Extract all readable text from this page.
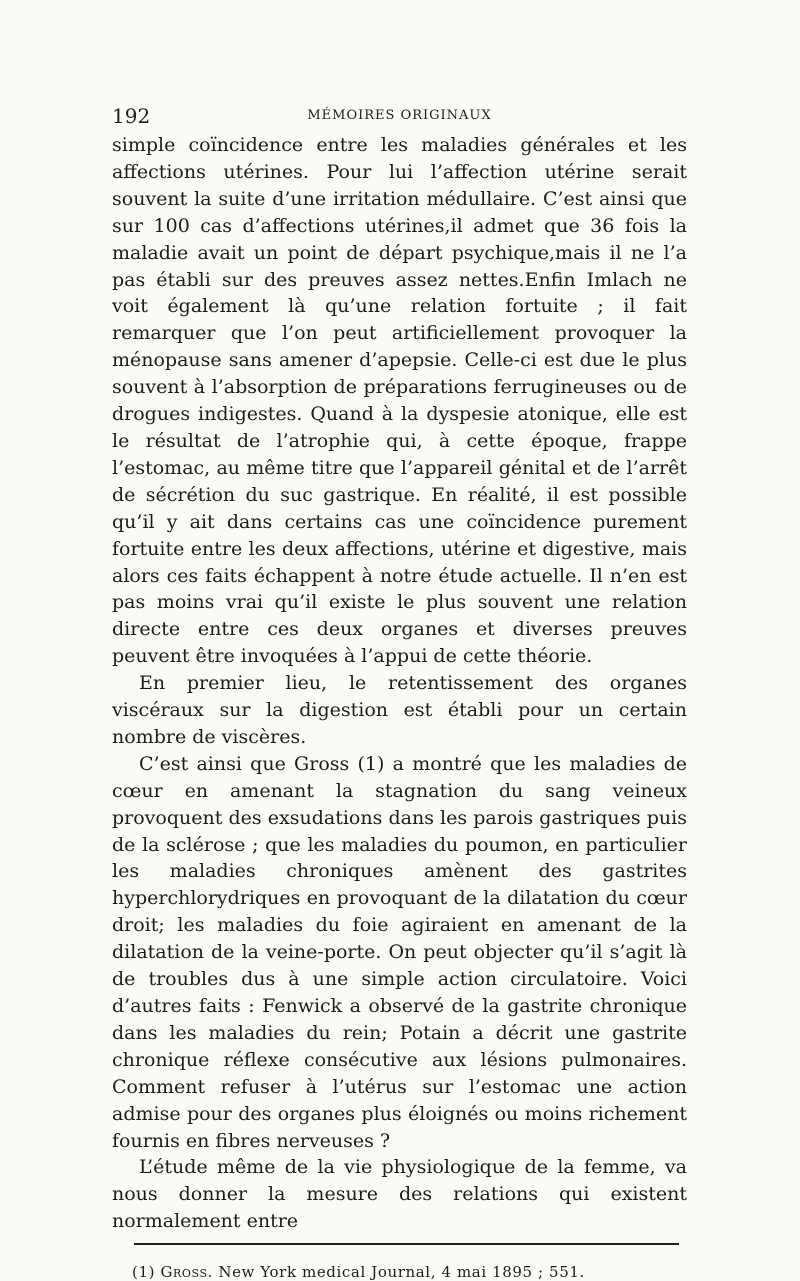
192	MÉMOIRES ORIGINAUX

simple coïncidence entre les maladies générales et les affections utérines. Pour lui l’affection utérine serait souvent la suite d’une irritation médullaire. C’est ainsi que sur 100 cas d’affections utérines,il admet que 36 fois la maladie avait un point de départ psychique,mais il ne l’a pas établi sur des preuves assez nettes.Enfin Imlach ne voit également là qu’une relation fortuite ; il fait remarquer que l’on peut artificiellement provoquer la ménopause sans amener d’apepsie. Celle-ci est due le plus souvent à l’absorption de préparations ferrugineuses ou de drogues indigestes. Quand à la dyspesie atonique, elle est le résultat de l’atrophie qui, à cette époque, frappe l’estomac, au même titre que l’appareil génital et de l’arrêt de sécrétion du suc gastrique. En réalité, il est possible qu’il y ait dans certains cas une coïncidence purement fortuite entre les deux affections, utérine et digestive, mais alors ces faits échappent à notre étude actuelle. Il n’en est pas moins vrai qu’il existe le plus souvent une relation directe entre ces deux organes et diverses preuves peuvent être invoquées à l’appui de cette théorie.

En premier lieu, le retentissement des organes viscéraux sur la digestion est établi pour un certain nombre de viscères.

C’est ainsi que Gross (1) a montré que les maladies de cœur en amenant la stagnation du sang veineux provoquent des exsudations dans les parois gastriques puis de la sclérose ; que les maladies du poumon, en particulier les maladies chroniques amènent des gastrites hyperchlorydriques en provoquant de la dilatation du cœur droit; les maladies du foie agiraient en amenant de la dilatation de la veine-porte. On peut objecter qu’il s’agit là de troubles dus à une simple action circulatoire. Voici d’autres faits : Fenwick a observé de la gastrite chronique dans les maladies du rein; Potain a décrit une gastrite chronique réflexe consécutive aux lésions pulmonaires. Comment refuser à l’utérus sur l’estomac une action admise pour des organes plus éloignés ou moins richement fournis en fibres nerveuses ?

L’étude même de la vie physiologique de la femme, va nous donner la mesure des relations qui existent normalement entre

(1) Gross. New York medical Journal, 4 mai 1895 ; 551.
